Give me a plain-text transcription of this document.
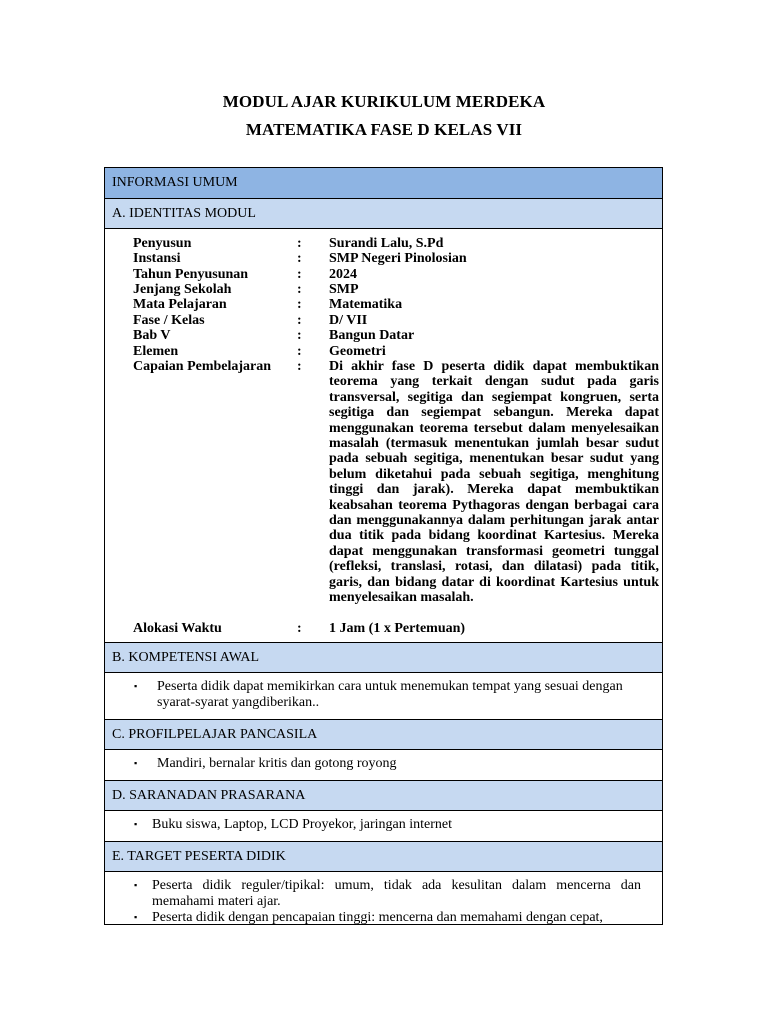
MODUL AJAR KURIKULUM MERDEKA
MATEMATIKA FASE D KELAS VII
INFORMASI UMUM
A. IDENTITAS MODUL
Penyusun	: Surandi Lalu, S.Pd
Instansi	: SMP Negeri Pinolosian
Tahun Penyusunan	: 2024
Jenjang Sekolah	: SMP
Mata Pelajaran	: Matematika
Fase / Kelas	: D/ VII
Bab V	: Bangun Datar
Elemen	: Geometri
Capaian Pembelajaran : Di akhir fase D peserta didik dapat membuktikan teorema yang terkait dengan sudut pada garis transversal, segitiga dan segiempat kongruen, serta segitiga dan segiempat sebangun. Mereka dapat menggunakan teorema tersebut dalam menyelesaikan masalah (termasuk menentukan jumlah besar sudut pada sebuah segitiga, menentukan besar sudut yang belum diketahui pada sebuah segitiga, menghitung tinggi dan jarak). Mereka dapat membuktikan keabsahan teorema Pythagoras dengan berbagai cara dan menggunakannya dalam perhitungan jarak antar dua titik pada bidang koordinat Kartesius. Mereka dapat menggunakan transformasi geometri tunggal (refleksi, translasi, rotasi, dan dilatasi) pada titik, garis, dan bidang datar di koordinat Kartesius untuk menyelesaikan masalah.
Alokasi Waktu	: 1 Jam (1 x Pertemuan)
B. KOMPETENSI AWAL
▪ Peserta didik dapat memikirkan cara untuk menemukan tempat yang sesuai dengan syarat-syarat yangdiberikan..
C. PROFILPELAJAR PANCASILA
▪ Mandiri, bernalar kritis dan gotong royong
D. SARANADAN PRASARANA
▪ Buku siswa, Laptop, LCD Proyekor, jaringan internet
E. TARGET PESERTA DIDIK
▪ Peserta didik reguler/tipikal: umum, tidak ada kesulitan dalam mencerna dan memahami materi ajar.
▪ Peserta didik dengan pencapaian tinggi: mencerna dan memahami dengan cepat,
